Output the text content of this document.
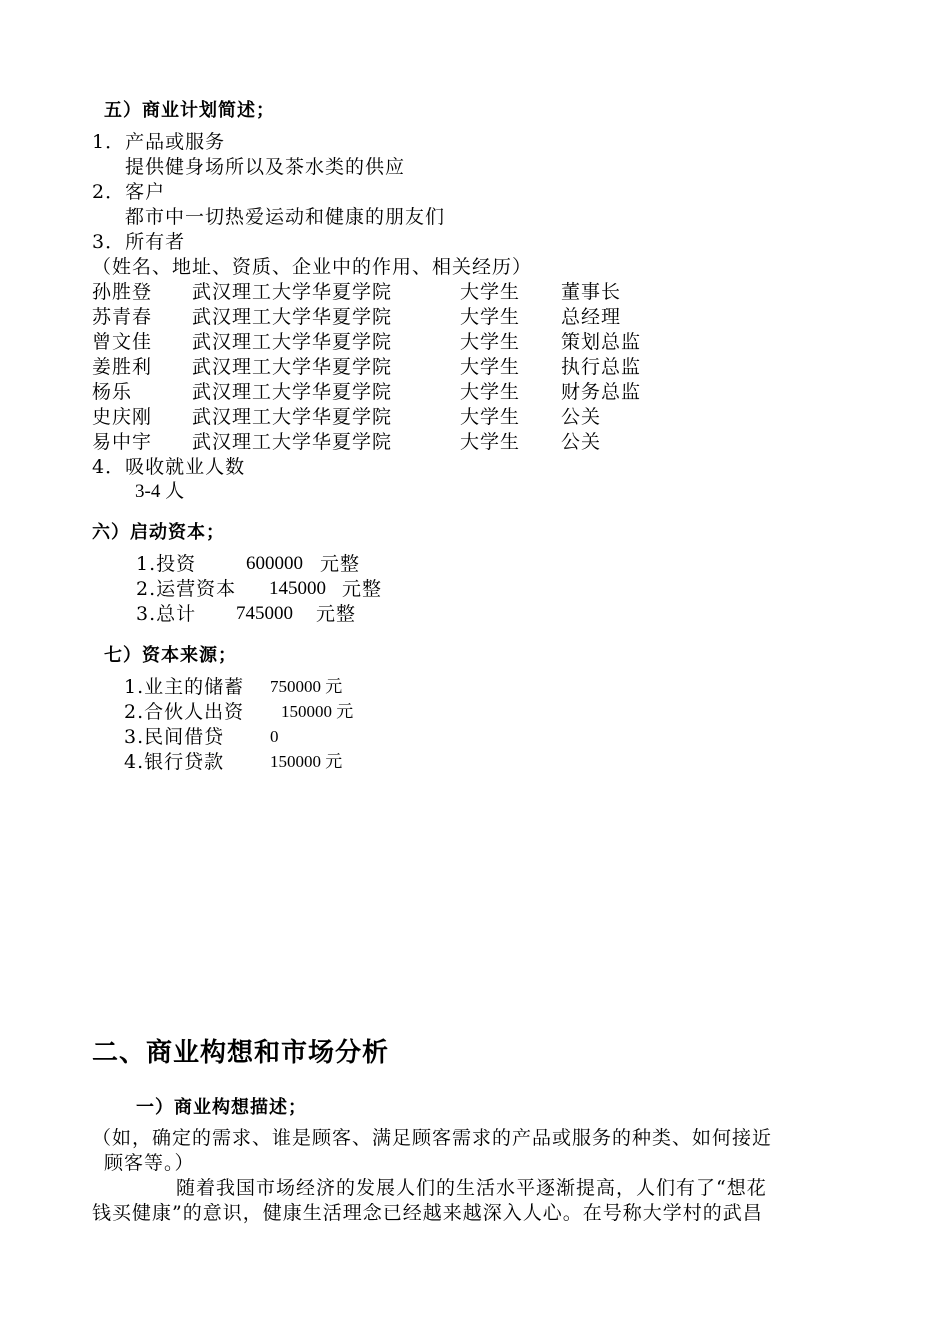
五）商业计划简述；
1．产品或服务
提供健身场所以及茶水类的供应
2．客户
都市中一切热爱运动和健康的朋友们
3．所有者
（姓名、地址、资质、企业中的作用、相关经历）
孙胜登 武汉理工大学华夏学院	大学生 董事长
苏青春 武汉理工大学华夏学院	大学生 总经理
曾文佳 武汉理工大学华夏学院	大学生 策划总监
姜胜利 武汉理工大学华夏学院	大学生 执行总监
杨乐	武汉理工大学华夏学院	大学生 财务总监
史庆刚 武汉理工大学华夏学院	大学生 公关
易中宇 武汉理工大学华夏学院	大学生 公关
4．吸收就业人数
3-4 人
六）启动资本；
1.投资	600000 元整
2.运营资本 145000 元整
3.总计 745000 元整
七）资本来源；
1.业主的储蓄 750000 元
2.合伙人出资 150000 元
3.民间借贷	0
4.银行贷款	150000 元
二、商业构想和市场分析
一）商业构想描述；
（如，确定的需求、谁是顾客、满足顾客需求的产品或服务的种类、如何接近
顾客等。）
随着我国市场经济的发展人们的生活水平逐渐提高，人们有了“想花
钱买健康”的意识，健康生活理念已经越来越深入人心。在号称大学村的武昌
